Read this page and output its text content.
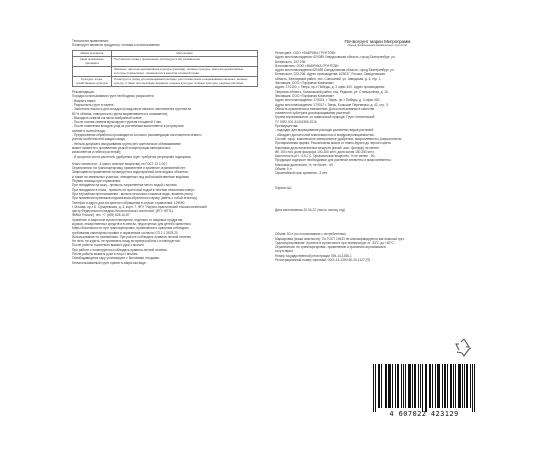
Технология применения:

Почвогрунт является продуктом, готовым к использованию.

Марка препарата	Мегрограмм
Цена применения препарата	Постоянство почвы к применению, используется без разбавления
	Овощные, цветочно-декоративные культуры (рассада), зелёные культуры, цветочно-декоративные культуры (герань/роза) - применяется в качестве основной почвы.
Культуры: ягоды, хозяйственные культуры	Почвогрунт в грядку для выращивания рассады, для посева семян и выращивания овощных, зелёных культур, а также при пересадке деревьев, ягодные культуры, зелёные культуры, садовые растения

Рекомендации:

Порядок использования грунт необходимо разрыхлить!

- Вскрыть пакет;

- Разрыхлить грунт в пакете;

- Заполнить емкость для посадки (посадочные емкости заполняются грунтом на

80 % объема, поверхность грунта выравнивается и поливается);

- Высадить семена согласно выбранной схеме;

- После посева семена мульчируют грунтом толщиной 1 мм;

- После появления всходов уход за растениями выполняется в регулярном

поливе и полной воды;

- Предпосевная обработка производится согласно рекомендации изготовителя семян с

учетом особенностей каждого вида;

- Нельзя допускать высушивания грунта (его критическое обезвоживание

может привести к проявлению резкой концентрации минеральных

компонентов и гибели растений);

- В процессе роста растений, удобрения грунт требуется регулярная подкормка.

Класс опасности - 4 (мало опасное вещество) по ГОСТ 12.1.007.

Ограничения: на транспортировку, применение и хранение ограничений нет.

Запрещается применение почвогрунта в водоохранной зоне водных объектов,

а также на земельных участках, отведенных под рыбохозяйственные водоемы.

Первая помощь при отравлении:

При попадании на кожу - промыть загрязненное место водой с мылом.

При попадании в глаза - промыть их проточной водой в течение нескольких минут.

При случайном проглатывании - выпить несколько стаканов воды, вызвать рвоту.

При появлении признаков недомогания обратиться к врачу (иметь с собой этикетку).

Телефон в адрес для экстренного обращения в случае отравлений: 129090,

г. Москва, пр-т Б. Сухаревская, д. 3, корп. 7. ФГУ "Научно-практический токсикологический

центр Федерального медико-биологического агентства" (ФГУ НПТЦ

ФМБА России), тел. +7 (495) 628-16-87.

Хранение: в закрытом сухом помещении, отдельно от пищевых продуктов,

кормов, лекарственных средств и в местах, недоступных для детей и животных.

Меры безопасности: при транспортировке, применении и хранении соблюдать

требования санитарных правил и нормативов согласно СП 2.1.3678-20.

Использование по назначению. При работе соблюдать правила личной гигиены.

Не пить, не курить, не принимать пищу во время работы с почвогрунтом.

После работы тщательно вымыть руки с мылом.

При работе с почвогрунтом соблюдать правила личной гигиены.

После работы вымыть руки и лицо с мылом.

Освободившуюся тару утилизируют с бытовыми отходами.

Неиспользованный грунт хранят в закрытом виде.

Почвогрунт марки Мигрограмм
Перед применением внимательно прочтите!

Регистрант: ООО «ФАБРИКА ГРУНТОВ»

Адрес местонахождения: 620089 Свердловская область, город Екатеринбург, ул.

Белинского, 222-236

Изготовитель: ООО «ФАБРИКА ГРУНТОВ»

Адрес местонахождения 620089 Свердловская область, город Екатеринбург, ул.

Белинского, 222-236. Адрес производства: 623037, Россия, Свердловская

область, Белоярский район, пос. Совхозный, ул. Заводская, д. 6, стр. 1.

Фасовщик: ООО «Торфяная Компания»

Адрес: 170100, г. Тверь, пр-т Победы, д. 3 офис 400. Адрес производства:

Тверская область, Конаковский район, пос. Редкино, ул. Станционная, д. 15.

Фасовщик: ООО «Торфяная Компания»

Адрес местонахождения: 170023, г. Тверь, пр-т Победы, д. 3 офис 400.

Адрес местонахождения: 170017 г. Тверь, Большие Перемерки, д. 42, стр. 3.

Область применения и назначение: Для использования в качестве

почвенного субстрата для выращивания растений.

Группа агрохимикатов: по химической природе: Грунт питательный

ТУ 0392-001-31401359-2016

Преимущества:

- подходит для выращивания рассады различных видов растений,

- обладает достаточной влагоемкостью и воздухопроницаемостью.

Состав: торф, комплексное минеральное удобрение, микроэлементы, разрыхлитель.

Препаративная форма: Рассыпчатая масса от темно-бурого до черного цвета

Массовая доля питательных веществ (калий, азот, фосфор) не менее:

ИБ 150 г/м3; доля фосфора 100-250 мг/л; доля калия 150-250 мг/л.

Кислотность рН - 5,5-7,0. Органическое вещество, % не менее - 50.

Продукция содержит необходимые для растений элементы и микроэлементы.

Массовая доля влаги, %, не более - 65

Объем: 5 л

Гарантийный срок хранения - 5 лет.

Партия №1

Дата изготовления 20.04.22 (число, месяц, год)

Объем: 50 л (по согласованию с потребителем)

Маркировка (знаки опасности): По ГОСТ 19433 не классифицируется как опасный груз.

Транспортирование: Хранить в сухом месте при температуре от -30°С до +40°С.

Ограничения: по транспортировке, применению и хранению агрохимиката

отсутствуют.

Номер государственной регистрации 394-14-1256-1

Регистрационный номер торговый: 0001-14-1250-50-20-1127 (П)

4 607022 423129
